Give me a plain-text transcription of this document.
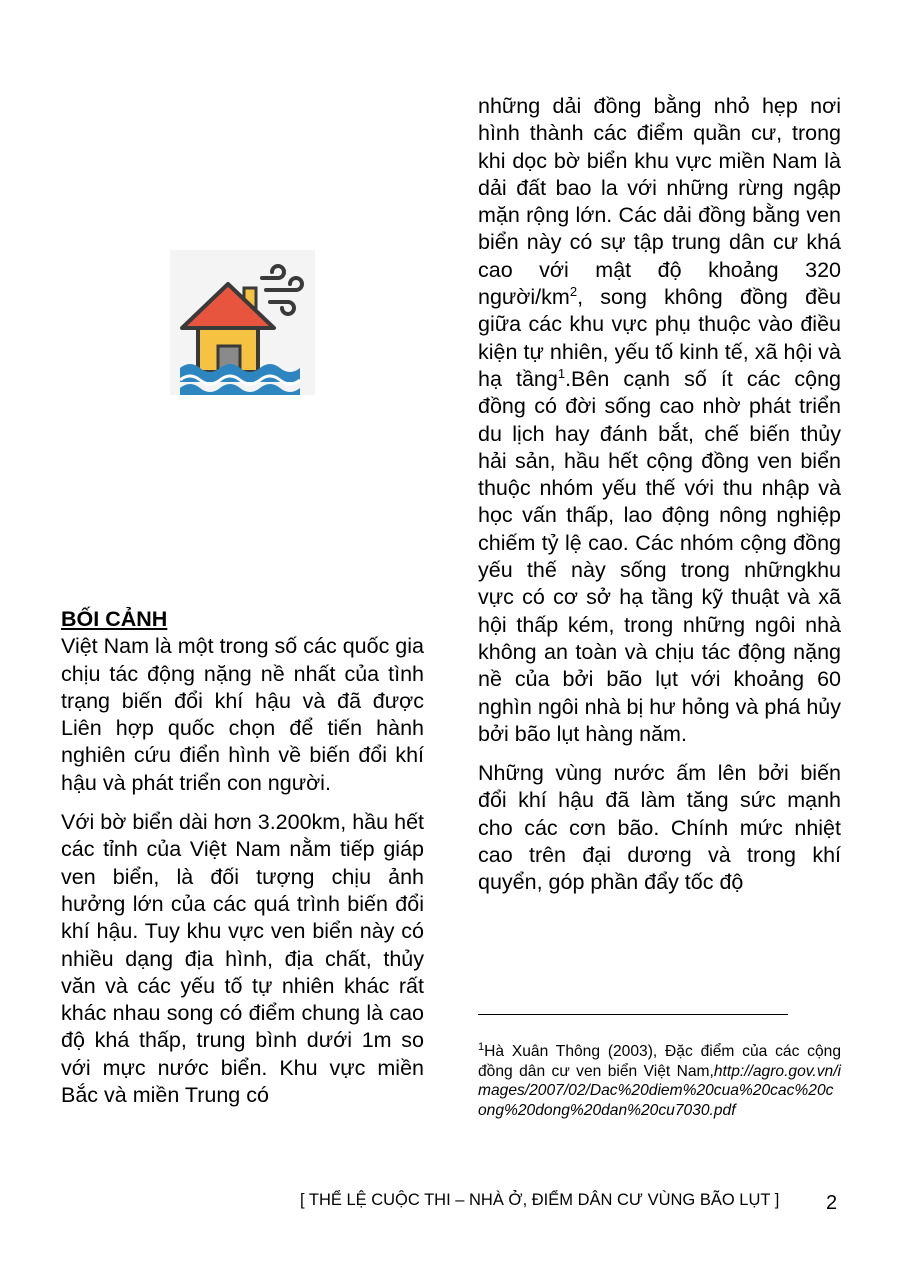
BỐI CẢNH

Việt Nam là một trong số các quốc gia chịu tác động nặng nề nhất của tình trạng biến đổi khí hậu và đã được Liên hợp quốc chọn để tiến hành nghiên cứu điển hình về biến đổi khí hậu và phát triển con người.

Với bờ biển dài hơn 3.200km, hầu hết các tỉnh của Việt Nam nằm tiếp giáp ven biển, là đối tượng chịu ảnh hưởng lớn của các quá trình biến đổi khí hậu. Tuy khu vực ven biển này có nhiều dạng địa hình, địa chất, thủy văn và các yếu tố tự nhiên khác rất khác nhau song có điểm chung là cao độ khá thấp, trung bình dưới 1m so với mực nước biển. Khu vực miền Bắc và miền Trung có

những dải đồng bằng nhỏ hẹp nơi hình thành các điểm quần cư, trong khi dọc bờ biển khu vực miền Nam là dải đất bao la với những rừng ngập mặn rộng lớn. Các dải đồng bằng ven biển này có sự tập trung dân cư khá cao với mật độ khoảng 320 người/$km^2$, song không đồng đều giữa các khu vực phụ thuộc vào điều kiện tự nhiên, yếu tố kinh tế, xã hội và hạ tầng$^1$.Bên cạnh số ít các cộng đồng có đời sống cao nhờ phát triển du lịch hay đánh bắt, chế biến thủy hải sản, hầu hết cộng đồng ven biển thuộc nhóm yếu thế với thu nhập và học vấn thấp, lao động nông nghiệp chiếm tỷ lệ cao. Các nhóm cộng đồng yếu thế này sống trong nhữngkhu vực có cơ sở hạ tầng kỹ thuật và xã hội thấp kém, trong những ngôi nhà không an toàn và chịu tác động nặng nề của bởi bão lụt với khoảng 60 nghìn ngôi nhà bị hư hỏng và phá hủy bởi bão lụt hàng năm.

Những vùng nước ấm lên bởi biến đổi khí hậu đã làm tăng sức mạnh cho các cơn bão. Chính mức nhiệt cao trên đại dương và trong khí quyển, góp phần đẩy tốc độ

$^1$Hà Xuân Thông (2003), Đặc điểm của các cộng đồng dân cư ven biển Việt Nam,http://agro.gov.vn/images/2007/02/Dac%20diem%20cua%20cac%20cong%20dong%20dan%20cu7030.pdf
[ THỂ LỆ CUỘC THI – NHÀ Ở, ĐIỂM DÂN CƯ VÙNG BÃO LỤT ]	2
